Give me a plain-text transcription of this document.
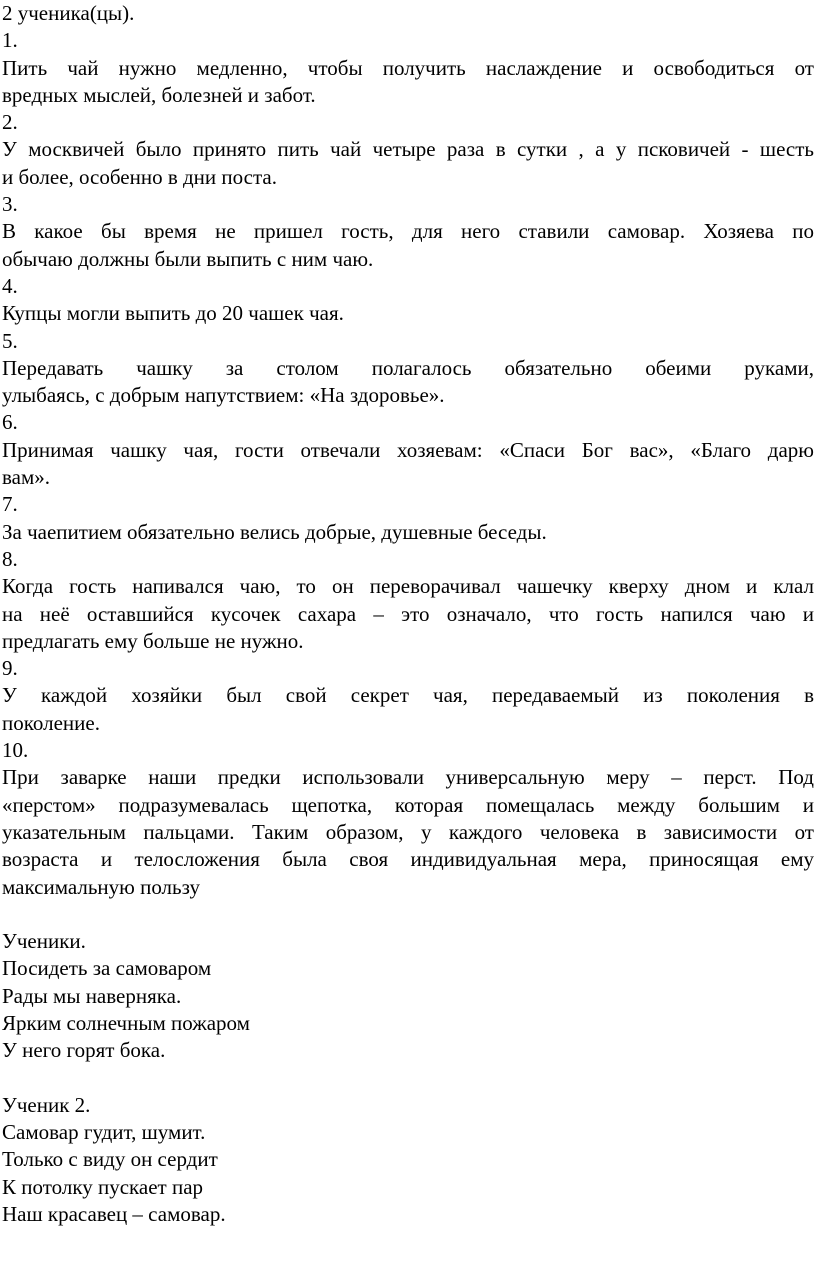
2 ученика(цы).
1.
Пить чай нужно медленно, чтобы получить наслаждение и освободиться от
вредных мыслей, болезней и забот.
2.
У москвичей было принято пить чай четыре раза в сутки , а у псковичей - шесть
и более, особенно в дни поста.
3.
В какое бы время не пришел гость, для него ставили самовар. Хозяева по
обычаю должны были выпить с ним чаю.
4.
Купцы могли выпить до 20 чашек чая.
5.
Передавать чашку за столом полагалось обязательно обеими руками,
улыбаясь, с добрым напутствием: «На здоровье».
6.
Принимая чашку чая, гости отвечали хозяевам: «Спаси Бог вас», «Благо дарю
вам».
7.
За чаепитием обязательно велись добрые, душевные беседы.
8.
Когда гость напивался чаю, то он переворачивал чашечку кверху дном и клал
на неё оставшийся кусочек сахара – это означало, что гость напился чаю и
предлагать ему больше не нужно.
9.
У каждой хозяйки был свой секрет чая, передаваемый из поколения в
поколение.
10.
При заварке наши предки использовали универсальную меру – перст. Под
«перстом» подразумевалась щепотка, которая помещалась между большим и
указательным пальцами. Таким образом, у каждого человека в зависимости от
возраста и телосложения была своя индивидуальная мера, приносящая ему
максимальную пользу
Ученики.
Посидеть за самоваром
Рады мы наверняка.
Ярким солнечным пожаром
У него горят бока.
Ученик 2.
Самовар гудит, шумит.
Только с виду он сердит
К потолку пускает пар
Наш красавец – самовар.
